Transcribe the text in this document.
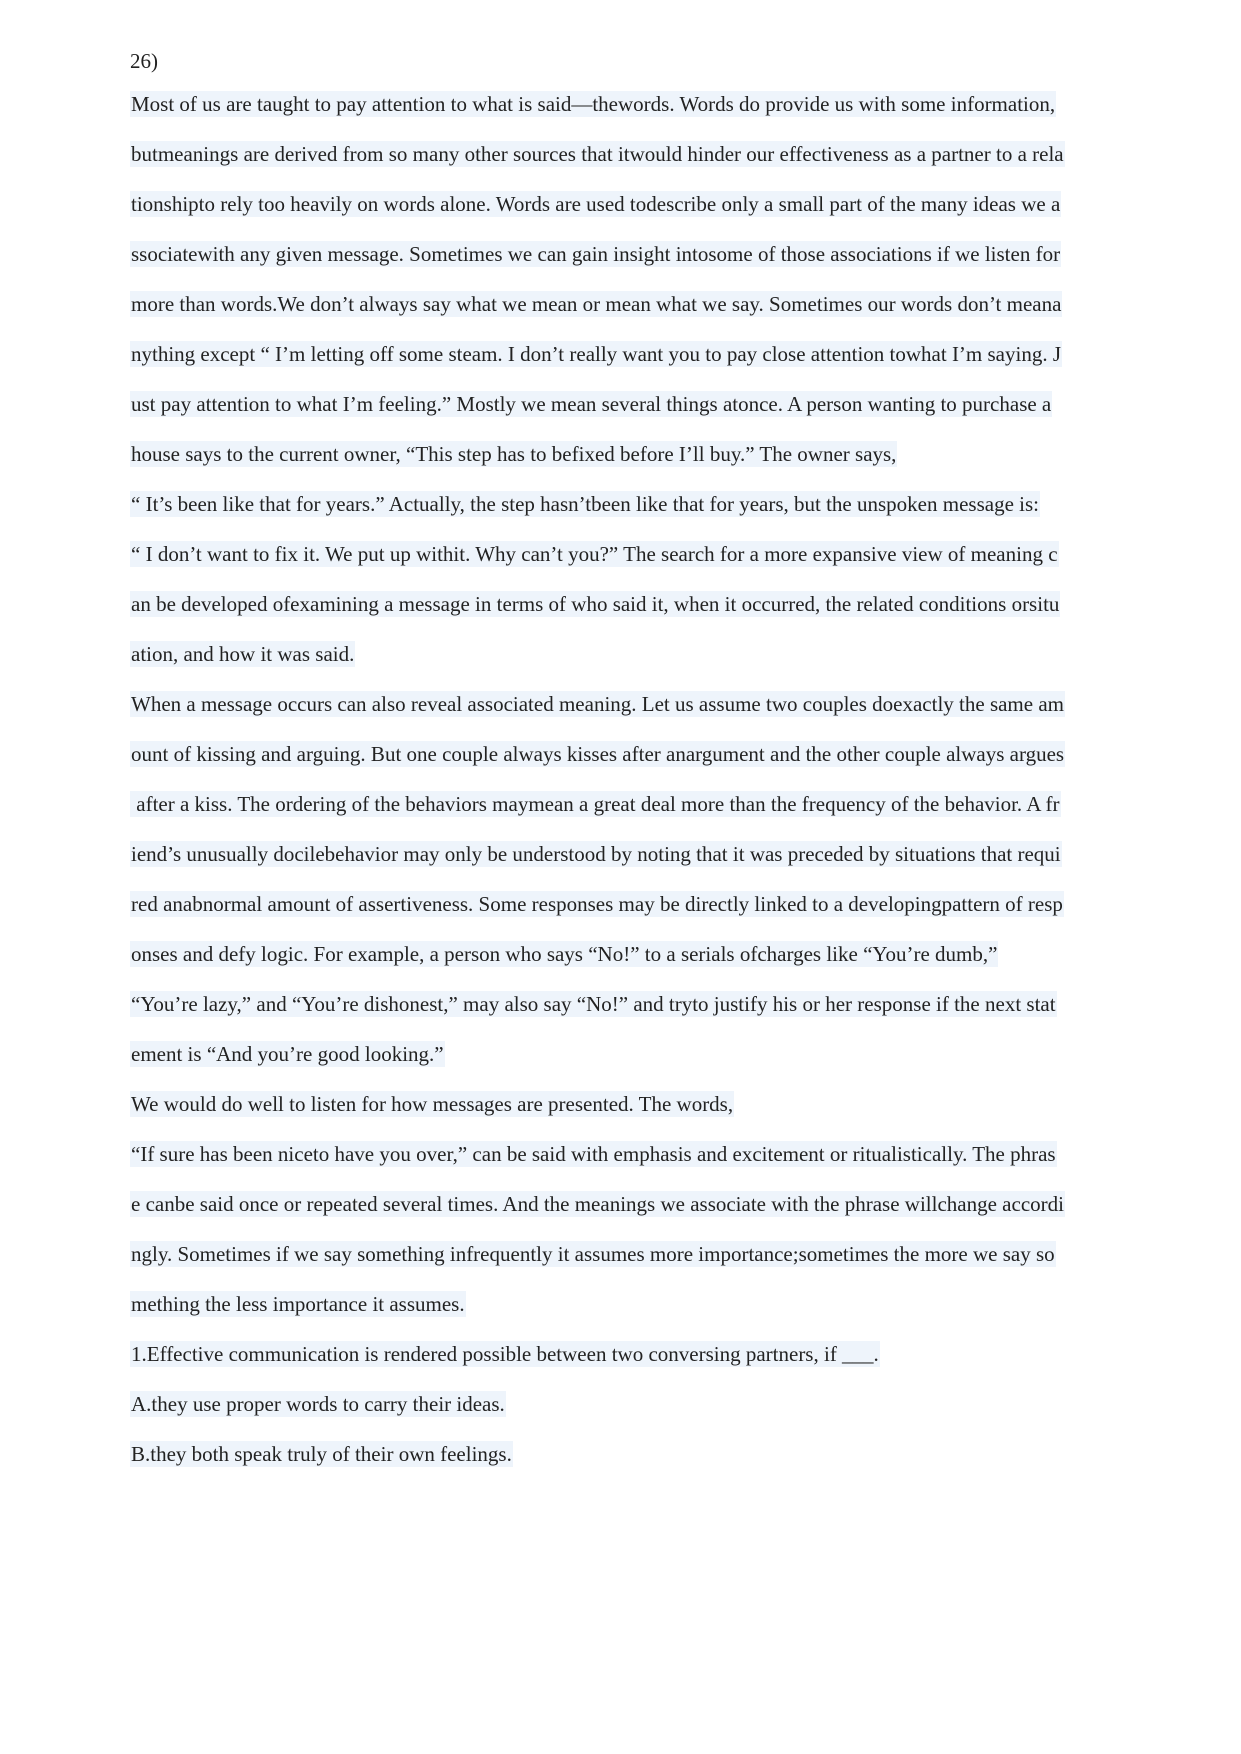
26)
Most of us are taught to pay attention to what is said—thewords. Words do provide us with some information,
butmeanings are derived from so many other sources that itwould hinder our effectiveness as a partner to a rela
tionshipto rely too heavily on words alone. Words are used todescribe only a small part of the many ideas we a
ssociatewith any given message. Sometimes we can gain insight intosome of those associations if we listen for
more than words.We don’t always say what we mean or mean what we say. Sometimes our words don’t meana
nything except “ I’m letting off some steam. I don’t really want you to pay close attention towhat I’m saying. J
ust pay attention to what I’m feeling.” Mostly we mean several things atonce. A person wanting to purchase a
house says to the current owner, “This step has to befixed before I’ll buy.” The owner says,
“ It’s been like that for years.” Actually, the step hasn’tbeen like that for years, but the unspoken message is:
“ I don’t want to fix it. We put up withit. Why can’t you?” The search for a more expansive view of meaning c
an be developed ofexamining a message in terms of who said it, when it occurred, the related conditions orsitu
ation, and how it was said.
When a message occurs can also reveal associated meaning. Let us assume two couples doexactly the same am
ount of kissing and arguing. But one couple always kisses after anargument and the other couple always argues
after a kiss. The ordering of the behaviors maymean a great deal more than the frequency of the behavior. A fr
iend’s unusually docilebehavior may only be understood by noting that it was preceded by situations that requi
red anabnormal amount of assertiveness. Some responses may be directly linked to a developingpattern of resp
onses and defy logic. For example, a person who says “No!” to a serials ofcharges like “You’re dumb,”
“You’re lazy,” and “You’re dishonest,” may also say “No!” and tryto justify his or her response if the next stat
ement is “And you’re good looking.”
We would do well to listen for how messages are presented. The words,
“If sure has been niceto have you over,” can be said with emphasis and excitement or ritualistically. The phras
e canbe said once or repeated several times. And the meanings we associate with the phrase willchange accordi
ngly. Sometimes if we say something infrequently it assumes more importance;sometimes the more we say so
mething the less importance it assumes.
1.Effective communication is rendered possible between two conversing partners, if ___.
A.they use proper words to carry their ideas.
B.they both speak truly of their own feelings.
